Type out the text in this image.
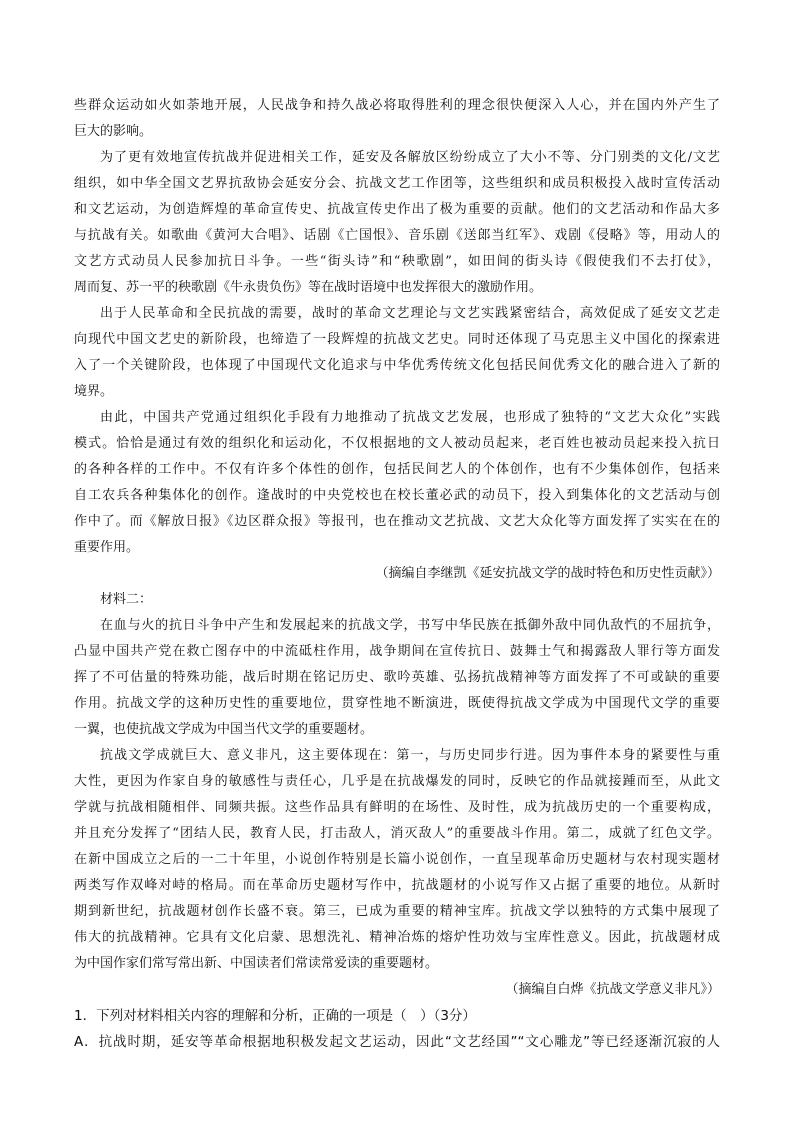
些群众运动如火如荼地开展，人民战争和持久战必将取得胜利的理念很快便深入人心，并在国内外产生了
巨大的影响。
为了更有效地宣传抗战并促进相关工作，延安及各解放区纷纷成立了大小不等、分门别类的文化/文艺
组织，如中华全国文艺界抗敌协会延安分会、抗战文艺工作团等，这些组织和成员积极投入战时宣传活动
和文艺运动，为创造辉煌的革命宣传史、抗战宣传史作出了极为重要的贡献。他们的文艺活动和作品大多
与抗战有关。如歌曲《黄河大合唱》、话剧《亡国恨》、音乐剧《送郎当红军》、戏剧《侵略》等，用动人的
文艺方式动员人民参加抗日斗争。一些“街头诗”和“秧歌剧”，如田间的街头诗《假使我们不去打仗》，
周而复、苏一平的秧歌剧《牛永贵负伤》等在战时语境中也发挥很大的激励作用。
出于人民革命和全民抗战的需要，战时的革命文艺理论与文艺实践紧密结合，高效促成了延安文艺走
向现代中国文艺史的新阶段，也缔造了一段辉煌的抗战文艺史。同时还体现了马克思主义中国化的探索进
入了一个关键阶段，也体现了中国现代文化追求与中华优秀传统文化包括民间优秀文化的融合进入了新的
境界。
由此，中国共产党通过组织化手段有力地推动了抗战文艺发展，也形成了独特的“文艺大众化”实践
模式。恰恰是通过有效的组织化和运动化，不仅根据地的文人被动员起来，老百姓也被动员起来投入抗日
的各种各样的工作中。不仅有许多个体性的创作，包括民间艺人的个体创作，也有不少集体创作，包括来
自工农兵各种集体化的创作。逢战时的中央党校也在校长董必武的动员下，投入到集体化的文艺活动与创
作中了。而《解放日报》《边区群众报》等报刊，也在推动文艺抗战、文艺大众化等方面发挥了实实在在的
重要作用。
（摘编自李继凯《延安抗战文学的战时特色和历史性贡献》）
材料二：
在血与火的抗日斗争中产生和发展起来的抗战文学，书写中华民族在抵御外敌中同仇敌忾的不屈抗争，
凸显中国共产党在救亡图存中的中流砥柱作用，战争期间在宣传抗日、鼓舞士气和揭露敌人罪行等方面发
挥了不可估量的特殊功能，战后时期在铭记历史、歌吟英雄、弘扬抗战精神等方面发挥了不可或缺的重要
作用。抗战文学的这种历史性的重要地位，贯穿性地不断演进，既使得抗战文学成为中国现代文学的重要
一翼，也使抗战文学成为中国当代文学的重要题材。
抗战文学成就巨大、意义非凡，这主要体现在：第一，与历史同步行进。因为事件本身的紧要性与重
大性，更因为作家自身的敏感性与责任心，几乎是在抗战爆发的同时，反映它的作品就接踵而至，从此文
学就与抗战相随相伴、同频共振。这些作品具有鲜明的在场性、及时性，成为抗战历史的一个重要构成，
并且充分发挥了“团结人民，教育人民，打击敌人，消灭敌人”的重要战斗作用。第二，成就了红色文学。
在新中国成立之后的一二十年里，小说创作特别是长篇小说创作，一直呈现革命历史题材与农村现实题材
两类写作双峰对峙的格局。而在革命历史题材写作中，抗战题材的小说写作又占据了重要的地位。从新时
期到新世纪，抗战题材创作长盛不衰。第三，已成为重要的精神宝库。抗战文学以独特的方式集中展现了
伟大的抗战精神。它具有文化启蒙、思想洗礼、精神冶炼的熔炉性功效与宝库性意义。因此，抗战题材成
为中国作家们常写常出新、中国读者们常读常爱读的重要题材。
（摘编自白烨《抗战文学意义非凡》）
1．下列对材料相关内容的理解和分析，正确的一项是（　）（3分）
A．抗战时期，延安等革命根据地积极发起文艺运动，因此“文艺经国”“文心雕龙”等已经逐渐沉寂的人
